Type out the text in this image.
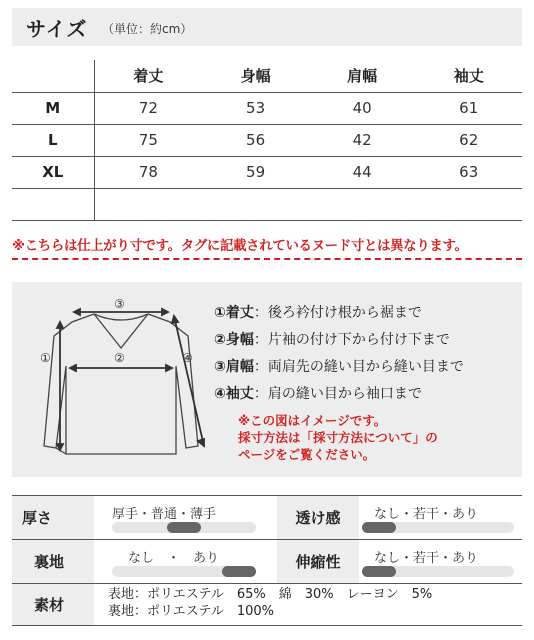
サイズ （単位：約cm）
	着丈	身幅	肩幅	袖丈
M	72	53	40	61
L	75	56	42	62
XL	78	59	44	63

※こちらは仕上がり寸です。タグに記載されているヌード寸とは異なります。
③
②
①	④
①着丈：後ろ衿付け根から裾まで
②身幅：片袖の付け下から付け下まで
③肩幅：両肩先の縫い目から縫い目まで
④袖丈：肩の縫い目から袖口まで
※この図はイメージです。
採寸方法は「採寸方法について」の
ページをご覧ください。
厚さ	厚手・普通・薄手	透け感	なし・若干・あり
裏地	なし　・　あり	伸縮性	なし・若干・あり
素材
表地：ポリエステル　65%　綿　30%　レーヨン　5%
裏地：ポリエステル　100%
